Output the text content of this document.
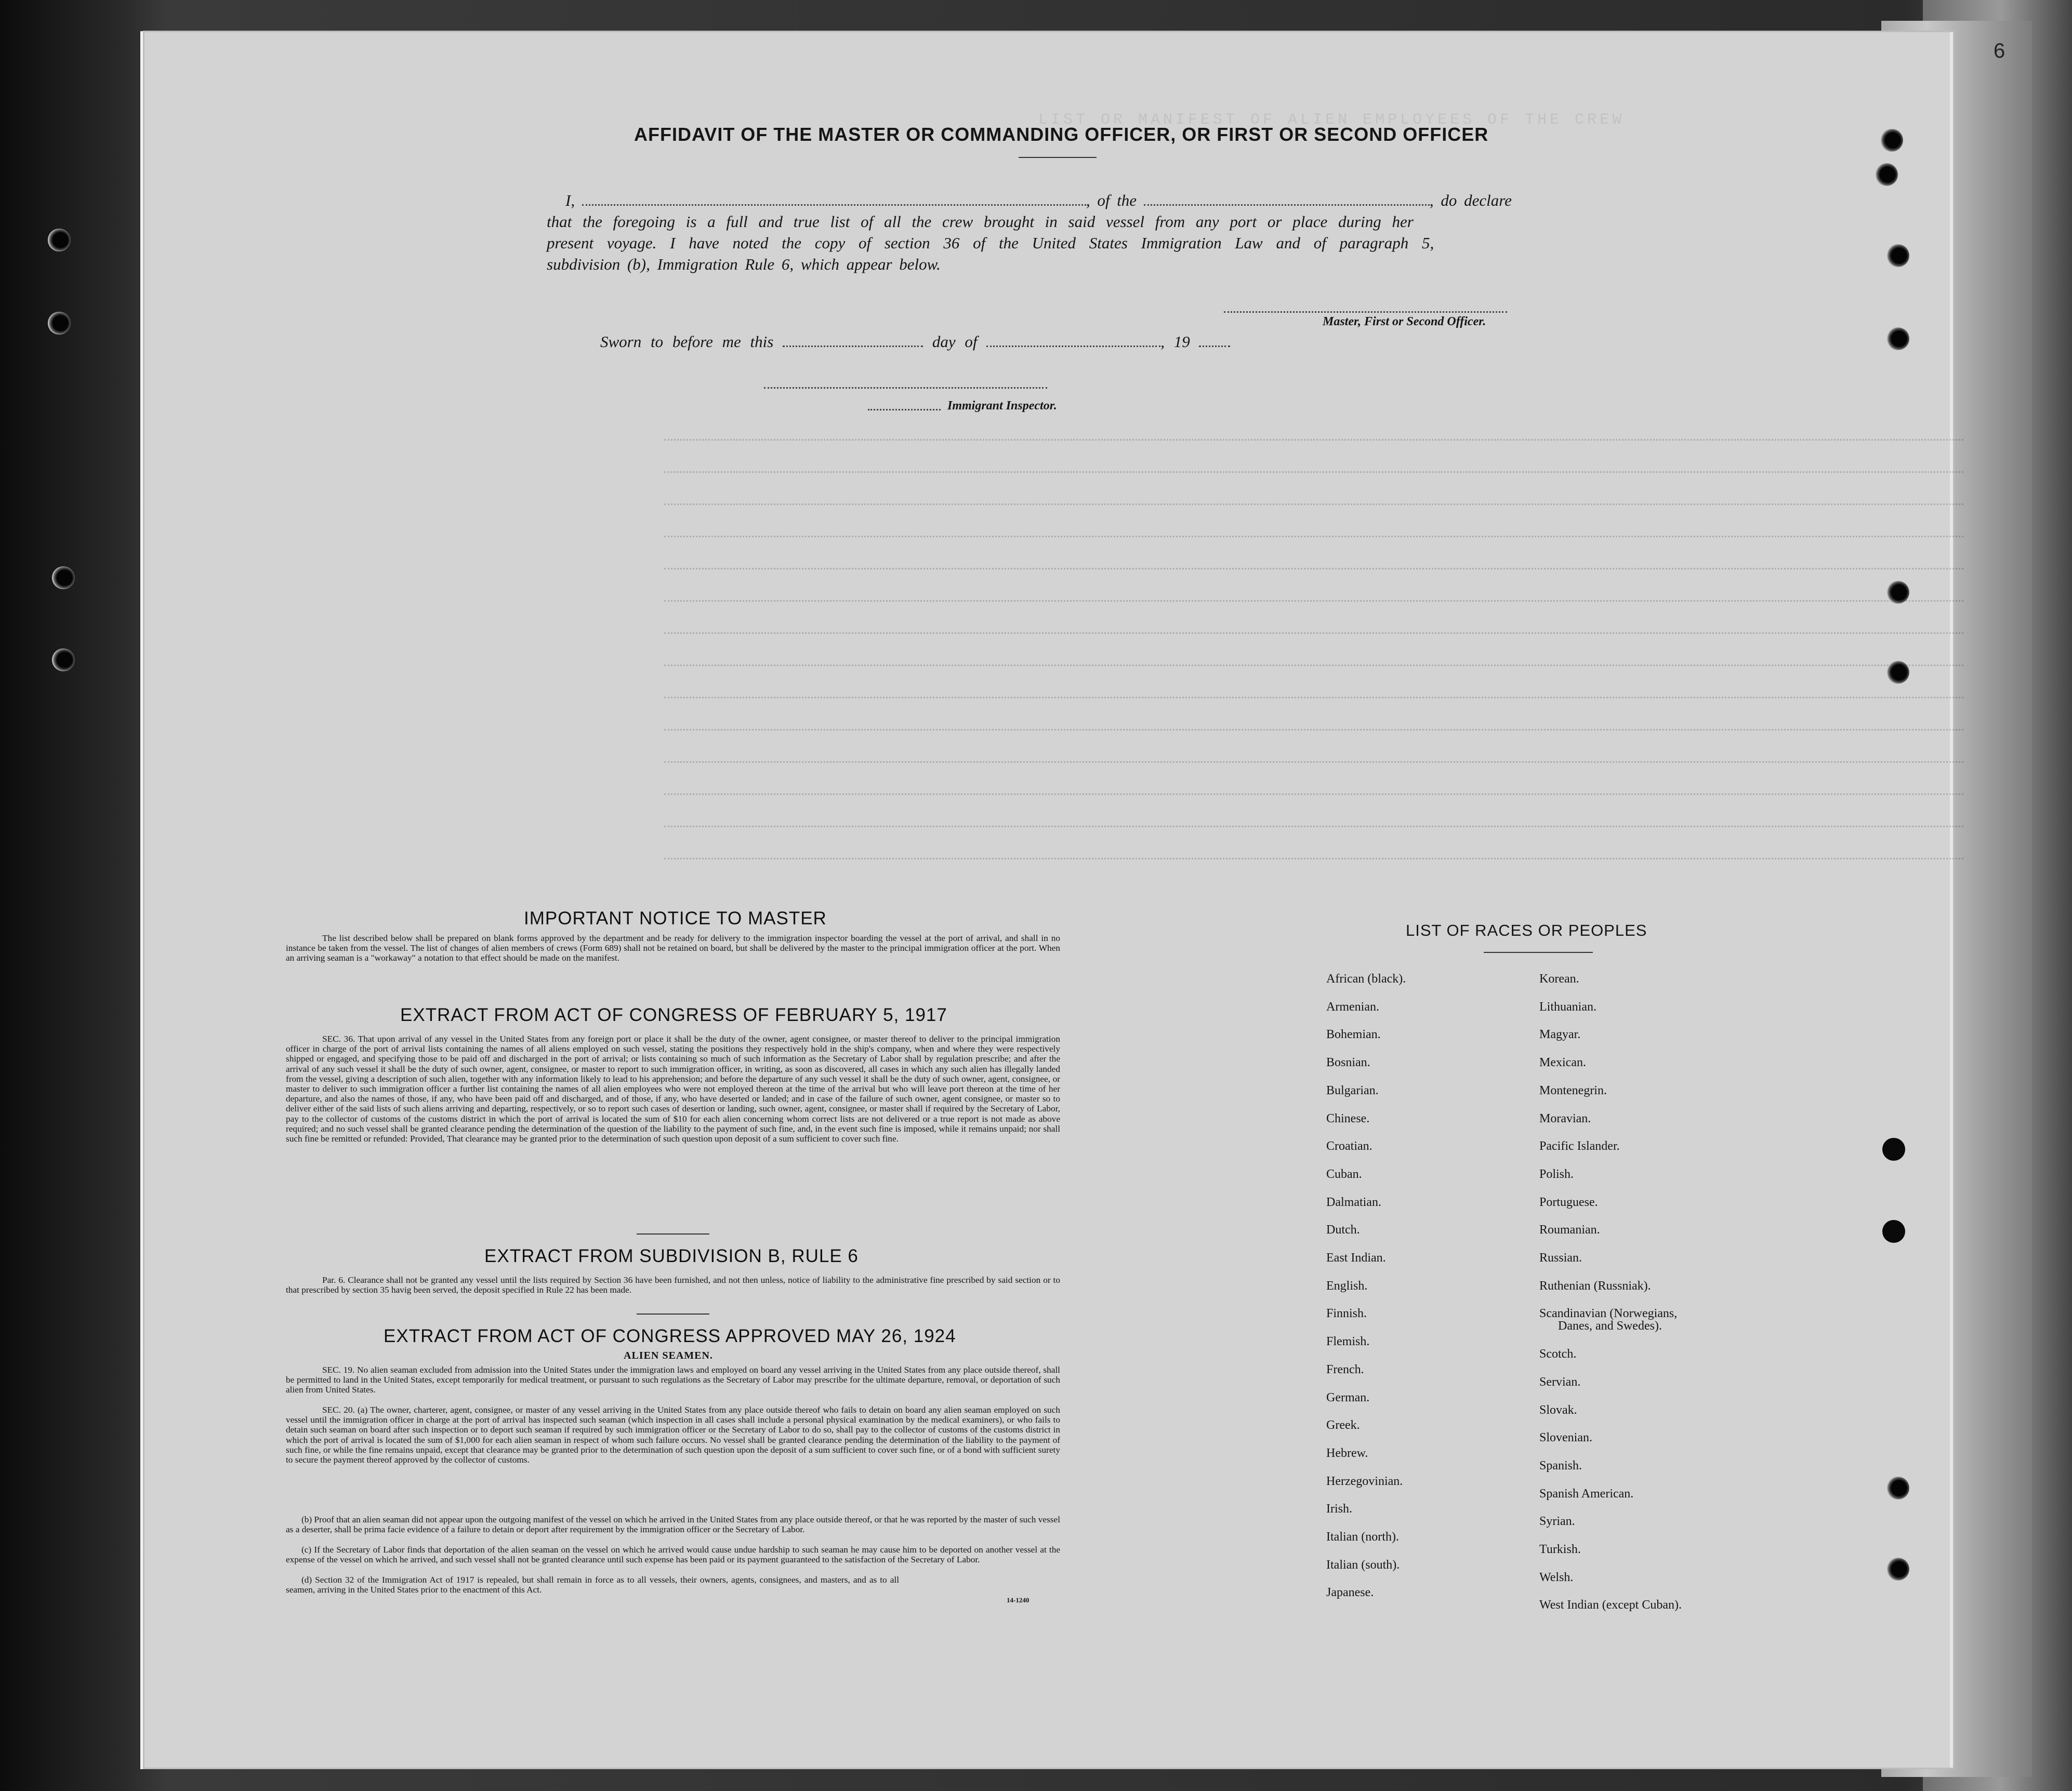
LIST OR MANIFEST OF ALIEN EMPLOYEES OF THE CREW
6
AFFIDAVIT OF THE MASTER OR COMMANDING OFFICER, OR FIRST OR SECOND OFFICER
I,	, of the	, do declare
that the foregoing is a full and true list of all the crew brought in said vessel from any port or place during her
present voyage. I have noted the copy of section 36 of the United States Immigration Law and of paragraph 5,
subdivision (b), Immigration Rule 6, which appear below.
Master, First or Second Officer.
Sworn to before me this	day of	, 19
Immigrant Inspector.
IMPORTANT NOTICE TO MASTER
The list described below shall be prepared on blank forms approved by the department and be ready for delivery to the immigration inspector boarding the vessel at the port of arrival, and shall in no instance be taken from the vessel. The list of changes of alien members of crews (Form 689) shall not be retained on board, but shall be delivered by the master to the principal immigration officer at the port. When an arriving seaman is a "workaway" a notation to that effect should be made on the manifest.
EXTRACT FROM ACT OF CONGRESS OF FEBRUARY 5, 1917
SEC. 36. That upon arrival of any vessel in the United States from any foreign port or place it shall be the duty of the owner, agent consignee, or master thereof to deliver to the principal immigration officer in charge of the port of arrival lists containing the names of all aliens employed on such vessel, stating the positions they respectively hold in the ship's company, when and where they were respectively shipped or engaged, and specifying those to be paid off and discharged in the port of arrival; or lists containing so much of such information as the Secretary of Labor shall by regulation prescribe; and after the arrival of any such vessel it shall be the duty of such owner, agent, consignee, or master to report to such immigration officer, in writing, as soon as discovered, all cases in which any such alien has illegally landed from the vessel, giving a description of such alien, together with any information likely to lead to his apprehension; and before the departure of any such vessel it shall be the duty of such owner, agent, consignee, or master to deliver to such immigration officer a further list containing the names of all alien employees who were not employed thereon at the time of the arrival but who will leave port thereon at the time of her departure, and also the names of those, if any, who have been paid off and discharged, and of those, if any, who have deserted or landed; and in case of the failure of such owner, agent consignee, or master so to deliver either of the said lists of such aliens arriving and departing, respectively, or so to report such cases of desertion or landing, such owner, agent, consignee, or master shall if required by the Secretary of Labor, pay to the collector of customs of the customs district in which the port of arrival is located the sum of $10 for each alien concerning whom correct lists are not delivered or a true report is not made as above required; and no such vessel shall be granted clearance pending the determination of the question of the liability to the payment of such fine, and, in the event such fine is imposed, while it remains unpaid; nor shall such fine be remitted or refunded: Provided, That clearance may be granted prior to the determination of such question upon deposit of a sum sufficient to cover such fine.
EXTRACT FROM SUBDIVISION B, RULE 6
Par. 6. Clearance shall not be granted any vessel until the lists required by Section 36 have been furnished, and not then unless, notice of liability to the administrative fine prescribed by said section or to that prescribed by section 35 havig been served, the deposit specified in Rule 22 has been made.
EXTRACT FROM ACT OF CONGRESS APPROVED MAY 26, 1924
ALIEN SEAMEN.
SEC. 19. No alien seaman excluded from admission into the United States under the immigration laws and employed on board any vessel arriving in the United States from any place outside thereof, shall be permitted to land in the United States, except temporarily for medical treatment, or pursuant to such regulations as the Secretary of Labor may prescribe for the ultimate departure, removal, or deportation of such alien from United States.
SEC. 20. (a) The owner, charterer, agent, consignee, or master of any vessel arriving in the United States from any place outside thereof who fails to detain on board any alien seaman employed on such vessel until the immigration officer in charge at the port of arrival has inspected such seaman (which inspection in all cases shall include a personal physical examination by the medical examiners), or who fails to detain such seaman on board after such inspection or to deport such seaman if required by such immigration officer or the Secretary of Labor to do so, shall pay to the collector of customs of the customs district in which the port of arrival is located the sum of $1,000 for each alien seaman in respect of whom such failure occurs. No vessel shall be granted clearance pending the determination of the liability to the payment of such fine, or while the fine remains unpaid, except that clearance may be granted prior to the determination of such question upon the deposit of a sum sufficient to cover such fine, or of a bond with sufficient surety to secure the payment thereof approved by the collector of customs.
(b) Proof that an alien seaman did not appear upon the outgoing manifest of the vessel on which he arrived in the United States from any place outside thereof, or that he was reported by the master of such vessel as a deserter, shall be prima facie evidence of a failure to detain or deport after requirement by the immigration officer or the Secretary of Labor.
(c) If the Secretary of Labor finds that deportation of the alien seaman on the vessel on which he arrived would cause undue hardship to such seaman he may cause him to be deported on another vessel at the expense of the vessel on which he arrived, and such vessel shall not be granted clearance until such expense has been paid or its payment guaranteed to the satisfaction of the Secretary of Labor.
(d) Section 32 of the Immigration Act of 1917 is repealed, but shall remain in force as to all vessels, their owners, agents, consignees, and masters, and as to all seamen, arriving in the United States prior to the enactment of this Act.
14-1240
LIST OF RACES OR PEOPLES
African (black).
Armenian.
Bohemian.
Bosnian.
Bulgarian.
Chinese.
Croatian.
Cuban.
Dalmatian.
Dutch.
East Indian.
English.
Finnish.
Flemish.
French.
German.
Greek.
Hebrew.
Herzegovinian.
Irish.
Italian (north).
Italian (south).
Japanese.
Korean.
Lithuanian.
Magyar.
Mexican.
Montenegrin.
Moravian.
Pacific Islander.
Polish.
Portuguese.
Roumanian.
Russian.
Ruthenian (Russniak).
Scandinavian (Norwegians,
Danes, and Swedes).
Scotch.
Servian.
Slovak.
Slovenian.
Spanish.
Spanish American.
Syrian.
Turkish.
Welsh.
West Indian (except Cuban).
